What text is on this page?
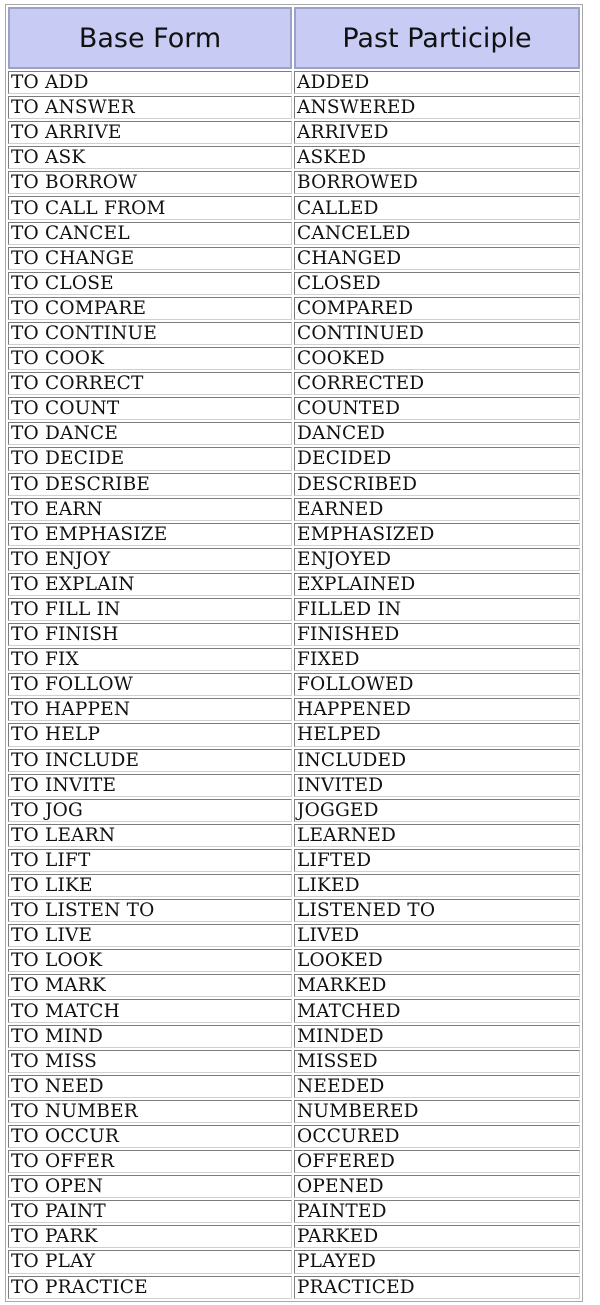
Base Form	Past Participle
TO ADD	ADDED
TO ANSWER	ANSWERED
TO ARRIVE	ARRIVED
TO ASK	ASKED
TO BORROW	BORROWED
TO CALL FROM	CALLED
TO CANCEL	CANCELED
TO CHANGE	CHANGED
TO CLOSE	CLOSED
TO COMPARE	COMPARED
TO CONTINUE	CONTINUED
TO COOK	COOKED
TO CORRECT	CORRECTED
TO COUNT	COUNTED
TO DANCE	DANCED
TO DECIDE	DECIDED
TO DESCRIBE	DESCRIBED
TO EARN	EARNED
TO EMPHASIZE	EMPHASIZED
TO ENJOY	ENJOYED
TO EXPLAIN	EXPLAINED
TO FILL IN	FILLED IN
TO FINISH	FINISHED
TO FIX	FIXED
TO FOLLOW	FOLLOWED
TO HAPPEN	HAPPENED
TO HELP	HELPED
TO INCLUDE	INCLUDED
TO INVITE	INVITED
TO JOG	JOGGED
TO LEARN	LEARNED
TO LIFT	LIFTED
TO LIKE	LIKED
TO LISTEN TO	LISTENED TO
TO LIVE	LIVED
TO LOOK	LOOKED
TO MARK	MARKED
TO MATCH	MATCHED
TO MIND	MINDED
TO MISS	MISSED
TO NEED	NEEDED
TO NUMBER	NUMBERED
TO OCCUR	OCCURED
TO OFFER	OFFERED
TO OPEN	OPENED
TO PAINT	PAINTED
TO PARK	PARKED
TO PLAY	PLAYED
TO PRACTICE	PRACTICED
